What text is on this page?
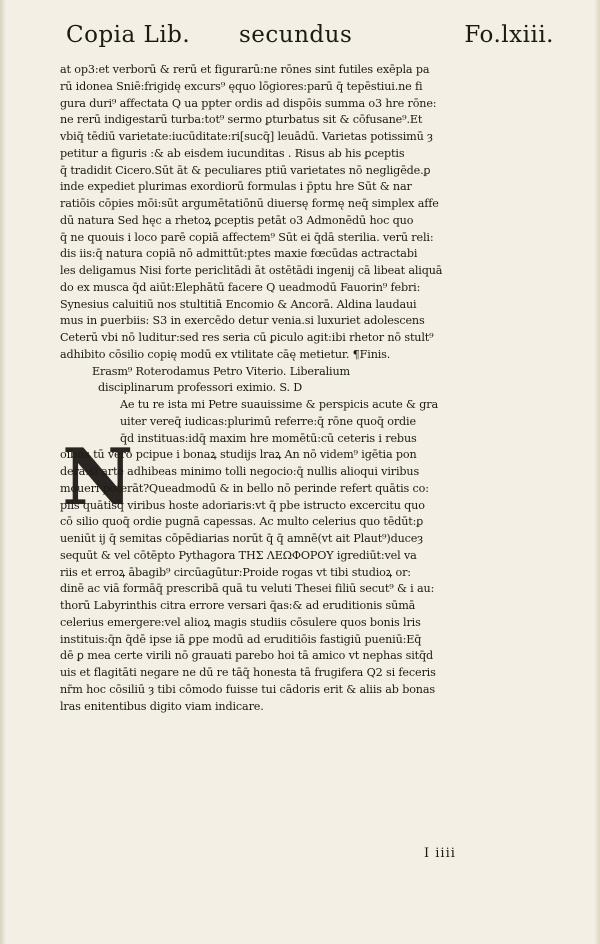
Copia Lib. secundus	Fo.lxiii.
N
at op3:et verborū & rerū et figurarū:ne rōnes sint futiles exēpla pa
rū idonea Sniē:frigidę excurs⁹ ęquo lōgiores:parū q̄ tepēstiui.ne fi
gura duri⁹ affectata Q ua ppter ordis ad dispōis summa o3 hre rōne:
ne rerū indigestarū turba:tot⁹ sermo ꝑturbatus sit & cōfusane⁹.Et
vbiq̄ tēdiū varietate:iucūditate:ri[sucq̄] leuādū. Varietas potissimū ȝ
petitur a figuris :& ab eisdem iucunditas . Risus ab his ꝑceptis
q̄ tradidit Cicero.Sūt āt & peculiares ptiū varietates nō negligēde.ꝑ
inde expediet plurimas exordiorū formulas i p̄ptu hre Sūt & nar
ratiōis cōpies mōi:sūt argumētatiōnū diuersę formę neq̄ simplex affe
dū natura Sed hęc a rhetoꝝ ꝑceptis petāt o3 Admonēdū hoc quo
q̄ ne quouis i loco parē copiā affectem⁹ Sūt ei q̄dā sterilia. verū reli:
dis iis:q̄ natura copiā nō admittūt:ptes maxie fœcūdas actractabi
les deligamus Nisi forte periclitādi āt ostētādi ingenij cā libeat aliquā
do ex musca q̄d aiūt:Elephātū facere Q ueadmodū Fauorin⁹ febri:
Synesius caluitiū nos stultitiā Encomio & Ancorā. Aldina laudaui
mus in ꝑuerbiis: S3 in exercēdo detur venia.si luxuriet adolescens
Ceterū vbi nō luditur:sed res seria cū ꝑiculo agit:ibi rhetor nō stult⁹
adhibito cōsilio copię modū ex vtilitate cāę metietur. ¶Finis.
Erasm⁹ Roterodamus Petro Viterio. Liberalium
disciplinarum professori eximio. S. D
Ae tu re ista mi Petre suauissime & perspicis acute & gra
uiter vereq̄ iudicas:plurimū referre:q̄ rōne quoq̄ ordie
q̄d instituas:idq̄ maxim hre momētū:cū ceteris i rebus
oibus tū vero pcipue i bonaꝝ studijs lraꝝ An nō videm⁹ igētia pon
dera:si arte adhibeas minimo tolli negocio:q̄ nullis alioqui viribus
moueri poterāt?Queadmodū & in bello nō perinde refert quātis co:
piis quātisq̄ viribus hoste adoriaris:vt q̄ pbe istructo excercitu quo
cō silio quoq̄ ordie pugnā capessas. Ac multo celerius quo tēdūt:ꝑ
ueniūt ij q̄ semitas cōpēdiarias norūt q̄ q̄ amnē(vt ait Plaut⁹)duceȝ
sequūt & vel cōtēpto Pythagora ΤΗΣ ΛΕΩΦΟΡΟΥ igrediūt:vel va
riis et erroꝝ ābagib⁹ circūagūtur:Proide rogas vt tibi studioꝝ or:
dinē ac viā formāq̄ prescribā quā tu veluti Thesei filiū secut⁹ & i au:
thorū Labyrinthis citra errore versari q̄as:& ad eruditionis sūmā
celerius emergere:vel alioꝝ magis studiis cōsulere quos bonis lris
instituis:q̄n q̄dē ipse iā ꝑpe modū ad eruditiōis fastigiū pueniū:Eq̄
dē ꝑ mea certe virili nō grauati parebo hoi tā amico vt nephas sitq̄d
uis et flagitāti negare ne dū re tāq̄ honesta tā frugifera Q2 si feceris
nr̄m hoc cōsiliū ȝ tibi cōmodo fuisse tui cādoris erit & aliis ab bonas
lras enitentibus digito viam indicare.
I iiii
